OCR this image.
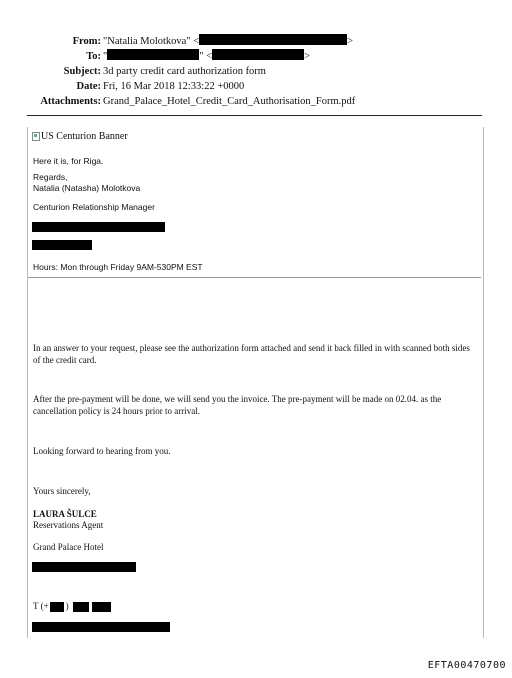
From: "Natalia Molotkova" <	>
To: "	" <	>
Subject: 3d party credit card authorization form
Date: Fri, 16 Mar 2018 12:33:22 +0000
Attachments: Grand_Palace_Hotel_Credit_Card_Authorisation_Form.pdf
US Centurion Banner
Here it is, for Riga.
Regards,
Natalia (Natasha) Molotkova
Centurion Relationship Manager
Hours: Mon through Friday 9AM-530PM EST
In an answer to your request, please see the authorization form attached and send it back filled in with scanned both sides of the credit card.
After the pre-payment will be done, we will send you the invoice. The pre-payment will be made on 02.04. as the cancellation policy is 24 hours prior to arrival.
Looking forward to hearing from you.
Yours sincerely,
LAURA ŠULCE
Reservations Agent
Grand Palace Hotel
T (+ )
EFTA00470700
